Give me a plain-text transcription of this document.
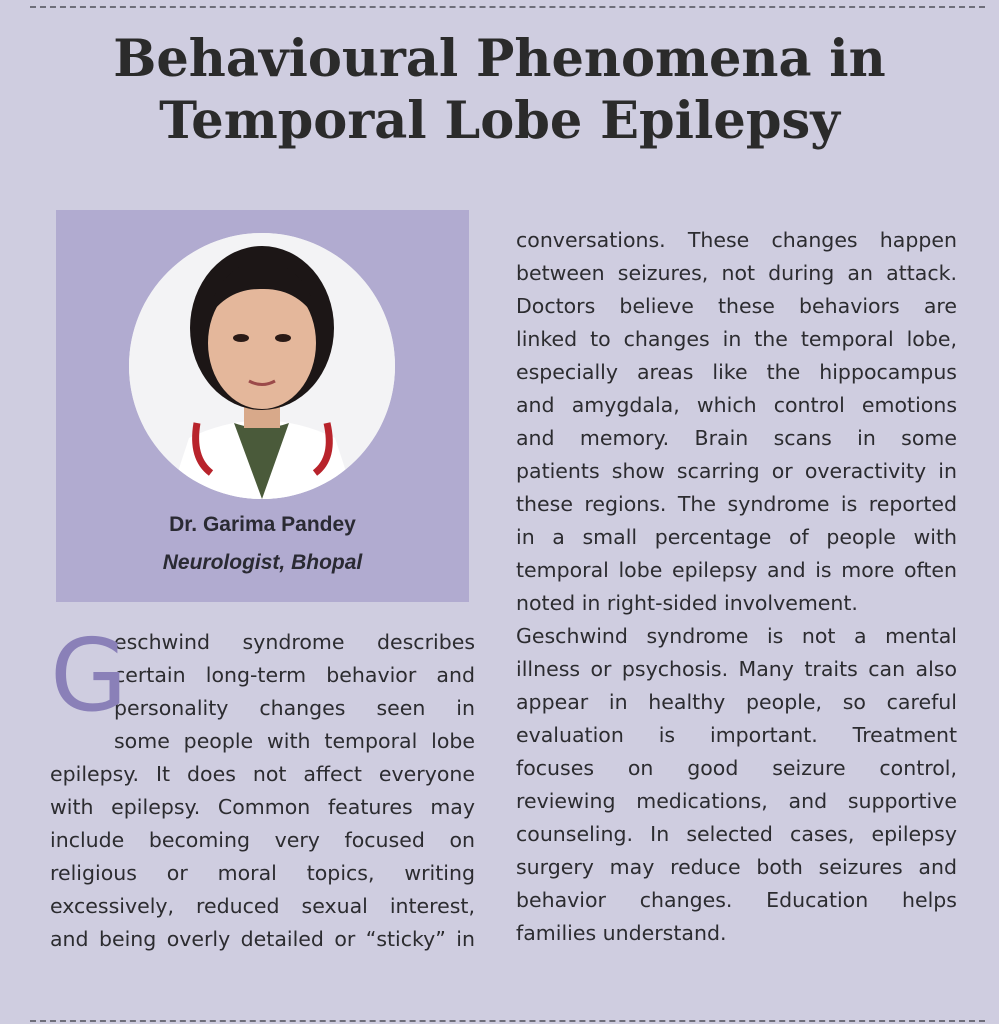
Behavioural Phenomena in
Temporal Lobe Epilepsy
Dr. Garima Pandey
Neurologist, Bhopal
G
eschwind syndrome describes
certain long-term behavior and
personality changes seen in
some people with temporal lobe
epilepsy. It does not affect everyone
with epilepsy. Common features may
include becoming very focused on
religious or moral topics, writing
excessively, reduced sexual interest,
and being overly detailed or “sticky” in
conversations. These changes happen
between seizures, not during an attack.
Doctors believe these behaviors are
linked to changes in the temporal lobe,
especially areas like the hippocampus
and amygdala, which control emotions
and memory. Brain scans in some
patients show scarring or overactivity in
these regions. The syndrome is reported
in a small percentage of people with
temporal lobe epilepsy and is more often
noted in right-sided involvement.
Geschwind syndrome is not a mental
illness or psychosis. Many traits can also
appear in healthy people, so careful
evaluation is important. Treatment
focuses on good seizure control,
reviewing medications, and supportive
counseling. In selected cases, epilepsy
surgery may reduce both seizures and
behavior changes. Education helps
families understand.
